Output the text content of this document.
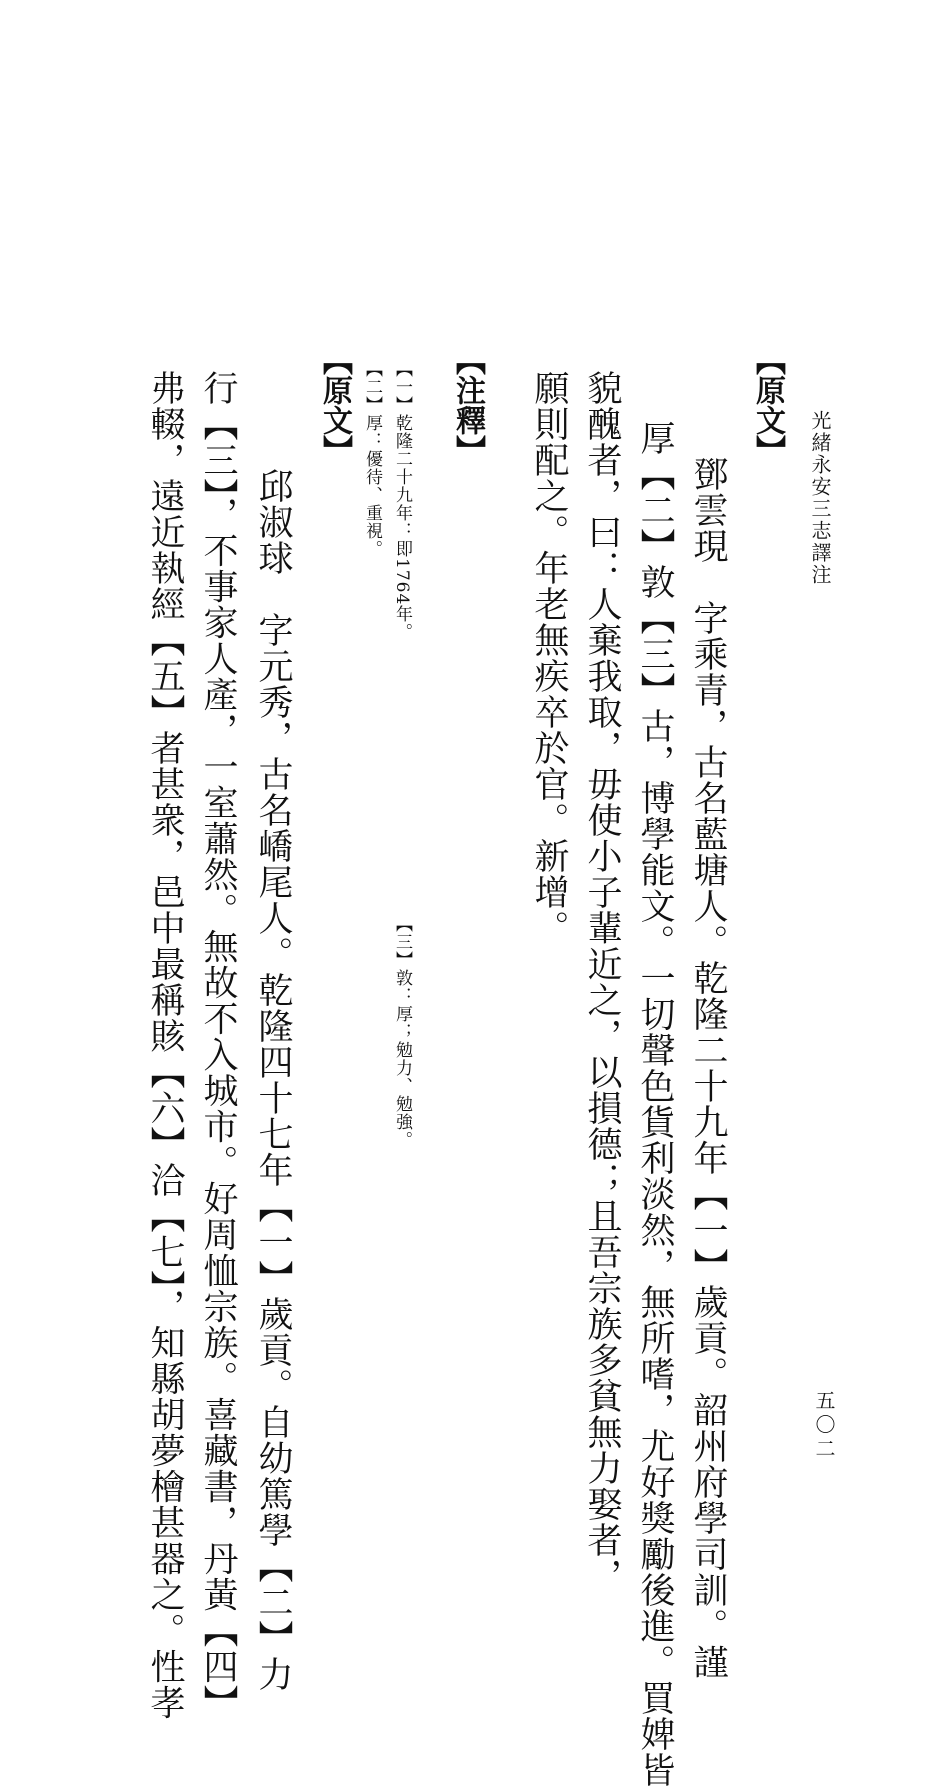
光緒永安三志譯注
五〇二
【原文】
　鄧雲現　字乘青，古名藍塘人。乾隆二十九年【一】歲貢。韶州府學司訓。謹
厚【二】敦【三】古，博學能文。一切聲色貨利淡然，無所嗜，尤好獎勵後進。買婢皆
貌醜者，曰：人棄我取，毋使小子輩近之，以損德；且吾宗族多貧無力娶者，
願則配之。年老無疾卒於官。新增。
【注釋】
【一】乾隆二十九年：即1764年。
【二】厚：優待、重視。
【三】敦：厚；勉力、勉強。
【原文】
　邱淑球　字元秀，古名嶠尾人。乾隆四十七年【一】歲貢。自幼篤學【二】力
行【三】，不事家人產，一室蕭然。無故不入城市。好周恤宗族。喜藏書，丹黃【四】
弗輟，遠近執經【五】者甚衆，邑中最稱賅【六】洽【七】，知縣胡夢檜甚器之。性孝
